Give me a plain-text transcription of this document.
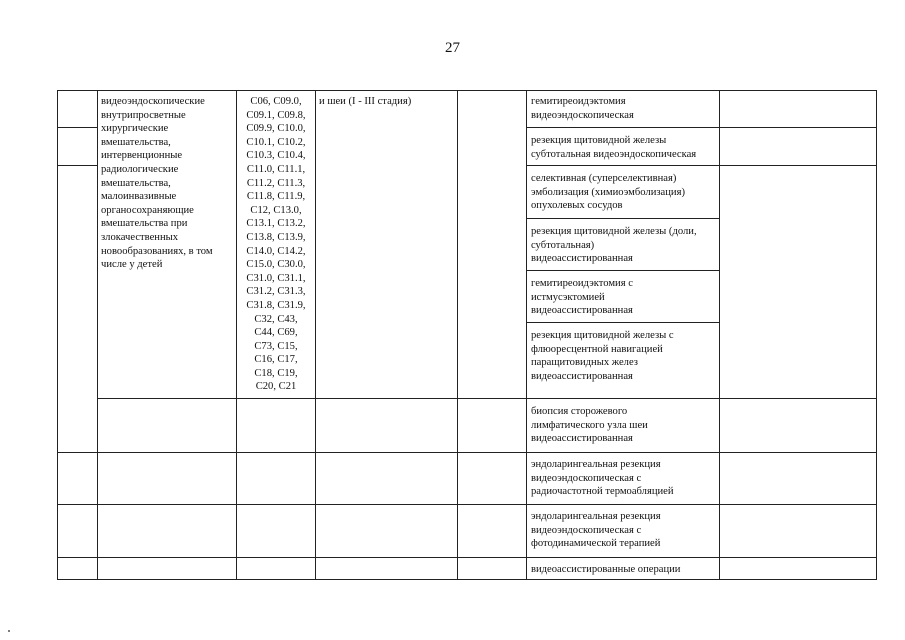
27
видеоэндоскопические
внутрипросветные
хирургические
вмешательства,
интервенционные
радиологические
вмешательства,
малоинвазивные
органосохраняющие
вмешательства при
злокачественных
новообразованиях, в том
числе у детей
C06, C09.0,
C09.1, C09.8,
C09.9, C10.0,
C10.1, C10.2,
C10.3, C10.4,
C11.0, C11.1,
C11.2, C11.3,
C11.8, C11.9,
C12, C13.0,
C13.1, C13.2,
C13.8, C13.9,
C14.0, C14.2,
C15.0, C30.0,
C31.0, C31.1,
C31.2, C31.3,
C31.8, C31.9,
C32, C43,
C44, C69,
C73, C15,
C16, C17,
C18, C19,
C20, C21
и шеи (I - III стадия)	гемитиреоидэктомия
видеоэндоскопическая
резекция щитовидной железы
субтотальная видеоэндоскопическая
селективная (суперселективная)
эмболизация (химиоэмболизация)
опухолевых сосудов
резекция щитовидной железы (доли,
субтотальная)
видеоассистированная
гемитиреоидэктомия с
истмусэктомией
видеоассистированная
резекция щитовидной железы с
флюоресцентной навигацией
паращитовидных желез
видеоассистированная
биопсия сторожевого
лимфатического узла шеи
видеоассистированная
эндоларингеальная резекция
видеоэндоскопическая с
радиочастотной термоабляцией
эндоларингеальная резекция
видеоэндоскопическая с
фотодинамической терапией
видеоассистированные операции
